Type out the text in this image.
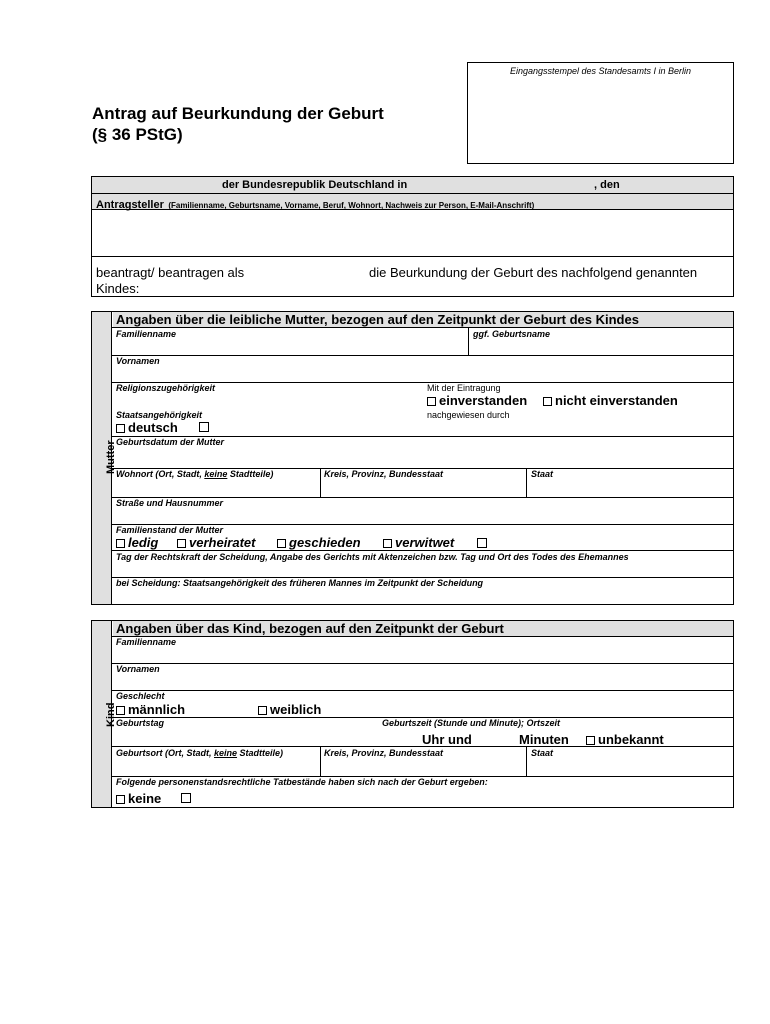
Eingangsstempel des Standesamts I in Berlin
Antrag auf Beurkundung der Geburt
(§ 36 PStG)
der Bundesrepublik Deutschland in	, den
Antragsteller (Familienname, Geburtsname, Vorname, Beruf, Wohnort, Nachweis zur Person, E-Mail-Anschrift)
beantragt/ beantragen als	die Beurkundung der Geburt des nachfolgend genannten
Kindes:
Mutter
Angaben über die leibliche Mutter, bezogen auf den Zeitpunkt der Geburt des Kindes
Familienname	ggf. Geburtsname
Vornamen
Religionszugehörigkeit	Mit der Eintragung
einverstanden	nicht einverstanden
Staatsangehörigkeit	nachgewiesen durch
deutsch
Geburtsdatum der Mutter
Wohnort (Ort, Stadt, keine Stadtteile)	Kreis, Provinz, Bundesstaat	Staat
Straße und Hausnummer
Familienstand der Mutter
ledig	verheiratet	geschieden	verwitwet
Tag der Rechtskraft der Scheidung, Angabe des Gerichts mit Aktenzeichen bzw. Tag und Ort des Todes des Ehemannes
bei Scheidung: Staatsangehörigkeit des früheren Mannes im Zeitpunkt der Scheidung
Kind
Angaben über das Kind, bezogen auf den Zeitpunkt der Geburt
Familienname
Vornamen
Geschlecht
männlich	weiblich
Geburtstag	Geburtszeit (Stunde und Minute); Ortszeit
Uhr und	Minuten	unbekannt
Geburtsort (Ort, Stadt, keine Stadtteile)	Kreis, Provinz, Bundesstaat	Staat
Folgende personenstandsrechtliche Tatbestände haben sich nach der Geburt ergeben:
keine
